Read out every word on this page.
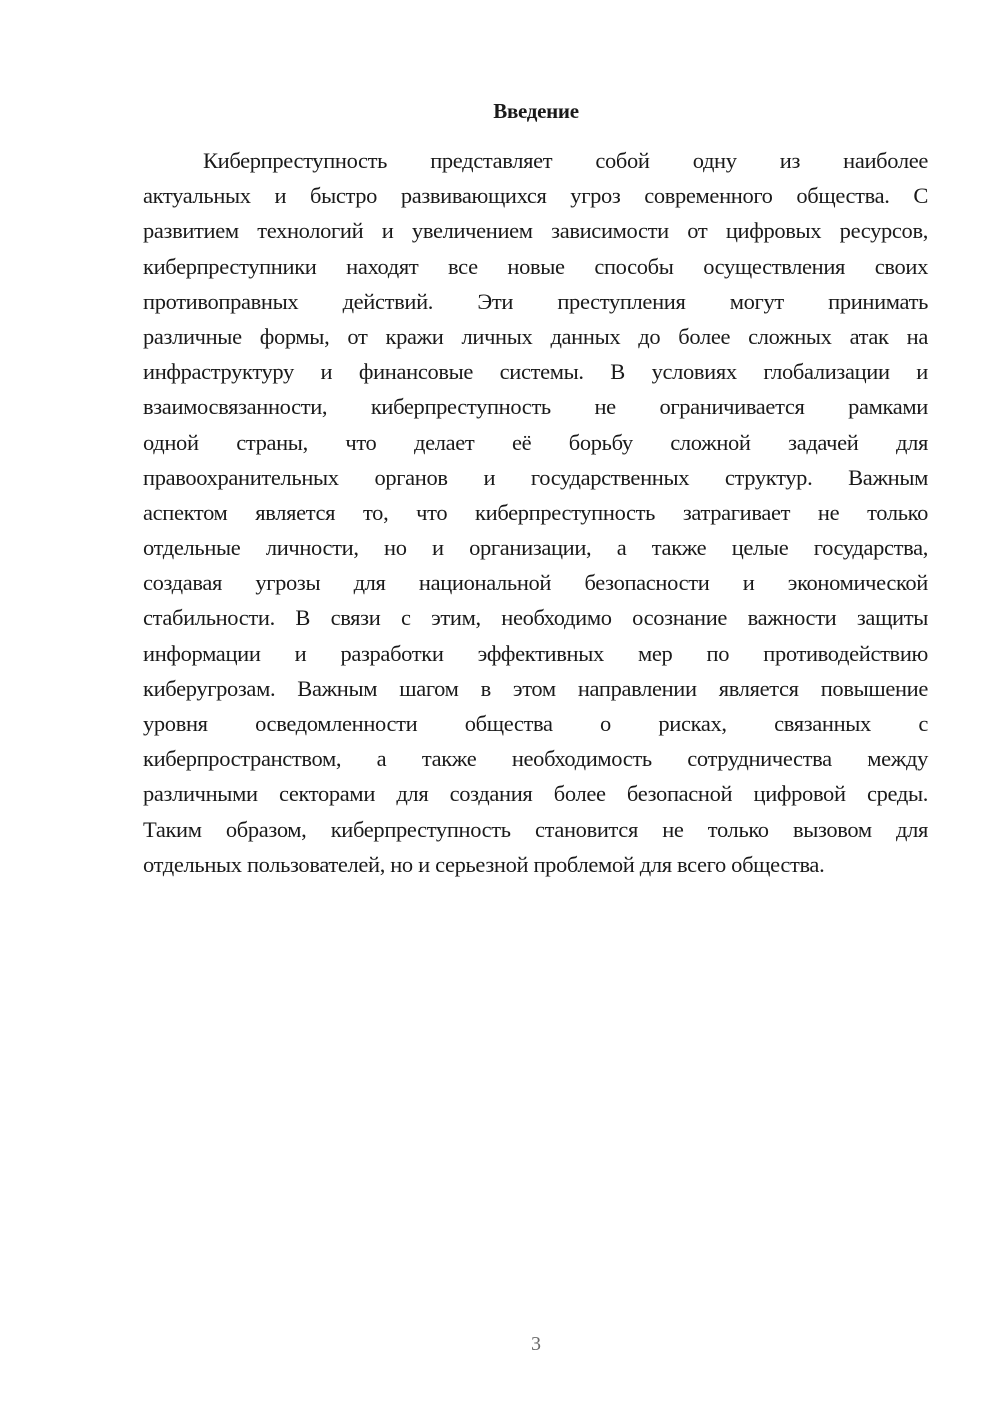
Введение
Киберпреступность представляет собой одну из наиболее
актуальных и быстро развивающихся угроз современного общества. С
развитием технологий и увеличением зависимости от цифровых ресурсов,
киберпреступники находят все новые способы осуществления своих
противоправных действий. Эти преступления могут принимать
различные формы, от кражи личных данных до более сложных атак на
инфраструктуру и финансовые системы. В условиях глобализации и
взаимосвязанности, киберпреступность не ограничивается рамками
одной страны, что делает её борьбу сложной задачей для
правоохранительных органов и государственных структур. Важным
аспектом является то, что киберпреступность затрагивает не только
отдельные личности, но и организации, а также целые государства,
создавая угрозы для национальной безопасности и экономической
стабильности. В связи с этим, необходимо осознание важности защиты
информации и разработки эффективных мер по противодействию
киберугрозам. Важным шагом в этом направлении является повышение
уровня осведомленности общества о рисках, связанных с
киберпространством, а также необходимость сотрудничества между
различными секторами для создания более безопасной цифровой среды.
Таким образом, киберпреступность становится не только вызовом для
отдельных пользователей, но и серьезной проблемой для всего общества.
3
